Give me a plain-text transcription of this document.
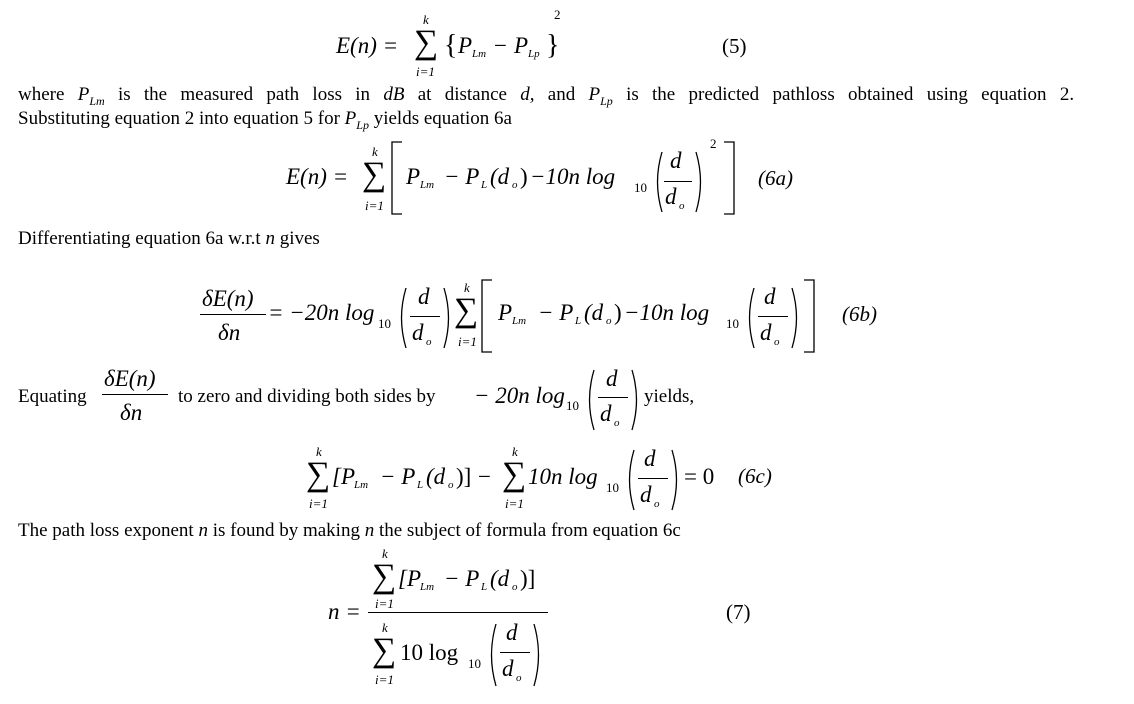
E(n) =
k
∑
i=1
{ P Lm − P Lp }
2
(5)
where $P_{Lm}$ is the measured path loss in dB at distance d, and $P_{Lp}$ is the predicted pathloss obtained using equation 2.
Substituting equation 2 into equation 5 for $P_{Lp}$ yields equation 6a
E(n) =
k
∑
i=1
P Lm − P L (d o ) −10n log 10
d
d o
2
(6a)
Differentiating equation 6a w.r.t n gives
δE(n)
δn
= −20n log 10
d
d o
k
∑
i=1
P Lm − P L (d o ) −10n log 10
d
d o
(6b)
Equating
δE(n)
δn
to zero and dividing both sides by − 20n log 10
d
d o
yields,
k
∑
i=1
[P Lm − P L (d o )] −
k
∑
i=1
10n log 10
d
d o
= 0 (6c)
The path loss exponent n is found by making n the subject of formula from equation 6c
n =
k
∑
i=1
[P Lm − P L (d o )]
k
∑
i=1
10 log 10
d
d o
(7)
